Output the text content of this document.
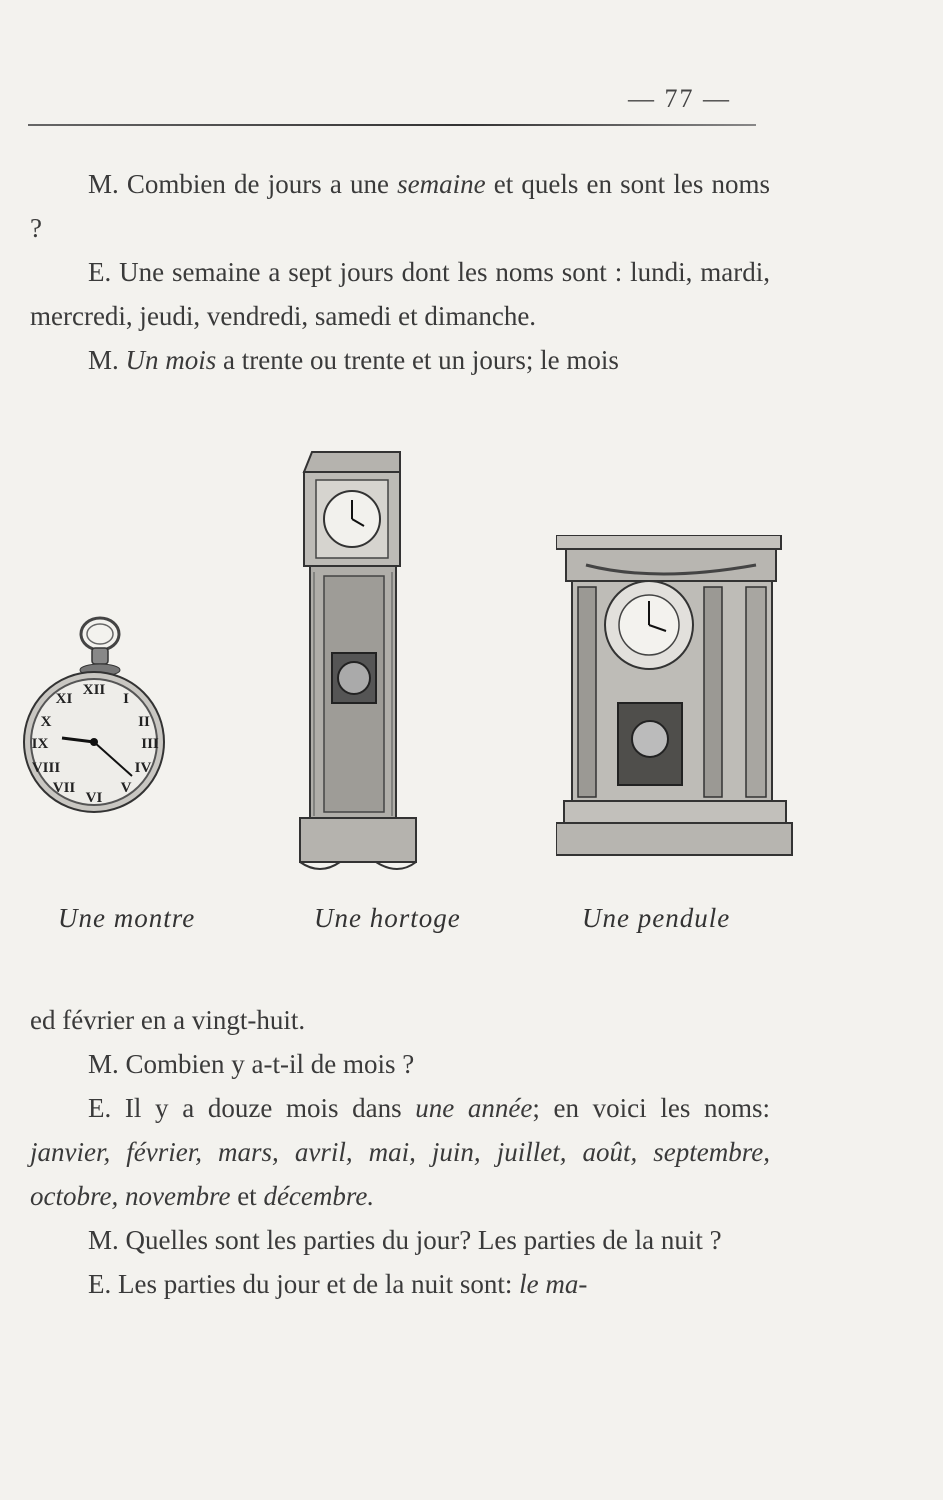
— 77 —

M. Combien de jours a une semaine et quels en sont les noms ?

E. Une semaine a sept jours dont les noms sont : lundi, mardi, mercredi, jeudi, vendredi, samedi et dimanche.

M. Un mois a trente ou trente et un jours; le mois

XII
I
II
III
IV
V
VI
VII
VIII
IX
X
XI
Une montre	Une hortoge	Une pendule

ed février en a vingt-huit.

M. Combien y a-t-il de mois ?

E. Il y a douze mois dans une année; en voici les noms: janvier, février, mars, avril, mai, juin, juillet, août, septembre, octobre, novembre et décembre.

M. Quelles sont les parties du jour? Les parties de la nuit ?

E. Les parties du jour et de la nuit sont: le ma-
